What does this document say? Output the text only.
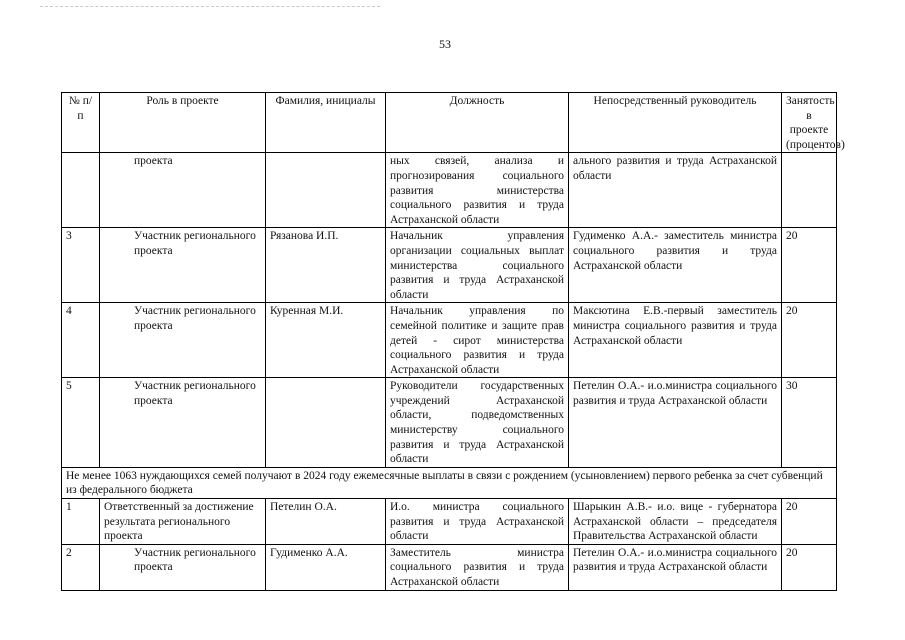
53
№ п/п	Роль в проекте	Фамилия, инициалы	Должность	Непосредственный руководитель	Занятость в проекте (процентов)
	проекта		ных связей, анализа и прогнозирования социального развития министерства социального развития и труда Астраханской области	ального развития и труда Астраханской области	
3	Участник регионального проекта	Рязанова И.П.	Начальник управления организации социальных выплат министерства социального развития и труда Астраханской области	Гудименко А.А.- заместитель министра социального развития и труда Астраханской области	20
4	Участник регионального проекта	Куренная М.И.	Начальник управления по семейной политике и защите прав детей - сирот министерства социального развития и труда Астраханской области	Максютина Е.В.-первый заместитель министра социального развития и труда Астраханской области	20
5	Участник регионального проекта		Руководители государственных учреждений Астраханской области, подведомственных министерству социального развития и труда Астраханской области	Петелин О.А.- и.о.министра социального развития и труда Астраханской области	30
Не менее 1063 нуждающихся семей получают в 2024 году ежемесячные выплаты в связи с рождением (усыновлением) первого ребенка за счет субвенций из федерального бюджета					
1	Ответственный за достижение результата регионального проекта	Петелин О.А.	И.о. министра социального развития и труда Астраханской области	Шарыкин А.В.- и.о. вице - губернатора Астраханской области – председателя Правительства Астраханской области	20
2	Участник регионального проекта	Гудименко А.А.	Заместитель министра социального развития и труда Астраханской области	Петелин О.А.- и.о.министра социального развития и труда Астраханской области	20
